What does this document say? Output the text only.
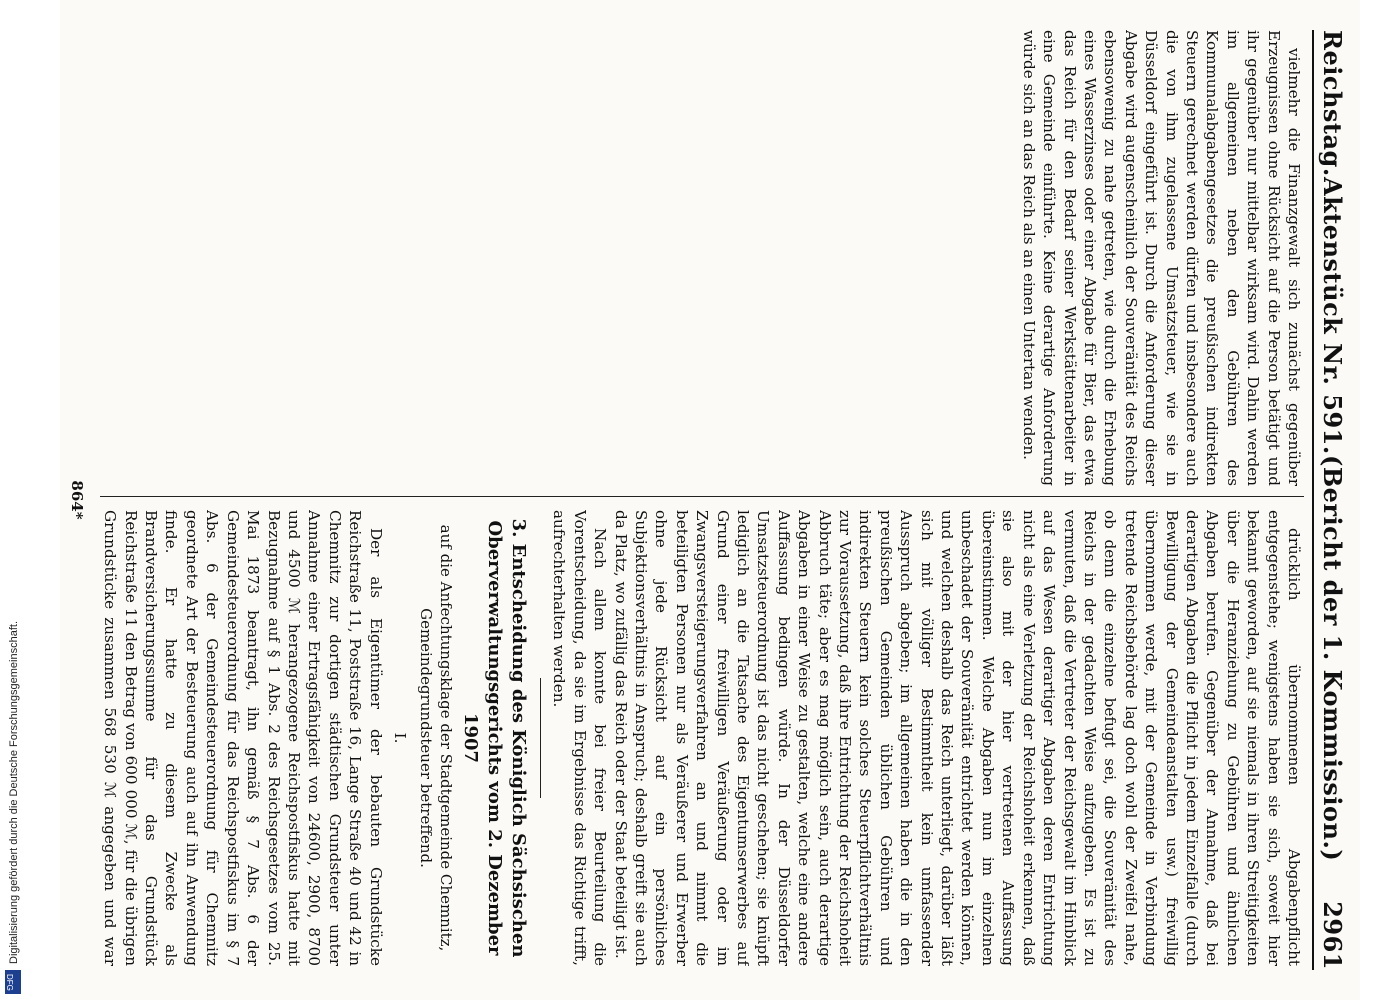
Digitalisierung gefördert durch die Deutsche Forschungsgemeinschaft.
DFG
Reichstag.
Aktenstück Nr. 591.
(Bericht der 1. Kommission.)
2961

vielmehr die Finanzgewalt sich zunächst gegenüber Erzeugnissen ohne Rücksicht auf die Person betätigt und ihr gegenüber nur mittelbar wirksam wird. Dahin werden im allgemeinen neben den Gebühren des Kommunalabgabengesetzes die preußischen indirekten Steuern gerechnet werden dürfen und insbesondere auch die von ihm zugelassene Umsatzsteuer, wie sie in Düsseldorf eingeführt ist. Durch die Anforderung dieser Abgabe wird augenscheinlich der Souveränität des Reichs ebensowenig zu nahe getreten, wie durch die Erhebung eines Wasserzinses oder einer Abgabe für Bier, das etwa das Reich für den Bedarf seiner Werkstättenarbeiter in eine Gemeinde einführte. Keine derartige Anforderung würde sich an das Reich als an einen Untertan wenden.

drücklich übernommenen Abgabenpflicht entgegenstehe; wenigstens haben sie sich, soweit hier bekannt geworden, auf sie niemals in ihren Streitigkeiten über die Heranziehung zu Gebühren und ähnlichen Abgaben berufen. Gegenüber der Annahme, daß bei derartigen Abgaben die Pflicht in jedem Einzelfalle (durch Bewilligung der Gemeindeanstalten usw.) freiwillig übernommen werde, mit der Gemeinde in Verbindung tretende Reichsbehörde lag doch wohl der Zweifel nahe, ob denn die einzelne befugt sei, die Souveränität des Reichs in der gedachten Weise aufzugeben. Es ist zu vermuten, daß die Vertreter der Reichsgewalt im Hinblick auf das Wesen derartiger Abgaben deren Entrichtung nicht als eine Verletzung der Reichshoheit erkennen, daß sie also mit der hier vertretenen Auffassung übereinstimmen. Welche Abgaben nun im einzelnen unbeschadet der Souveränität entrichtet werden können, und welchen deshalb das Reich unterliegt, darüber läßt sich mit völliger Bestimmtheit kein umfassender Ausspruch abgeben; im allgemeinen haben die in den preußischen Gemeinden üblichen Gebühren und indirekten Steuern kein solches Steuerpflichtverhältnis zur Voraussetzung, daß ihre Entrichtung der Reichshoheit Abbruch täte; aber es mag möglich sein, auch derartige Abgaben in einer Weise zu gestalten, welche eine andere Auffassung bedingen würde. In der Düsseldorfer Umsatzsteuerordnung ist das nicht geschehen; sie knüpft lediglich an die Tatsache des Eigentumserwerbes auf Grund einer freiwilligen Veräußerung oder im Zwangsversteigerungsverfahren an und nimmt die beteiligten Personen nur als Veräußerer und Erwerber ohne jede Rücksicht auf ein persönliches Subjektionsverhältnis in Anspruch; deshalb greift sie auch da Platz, wo zufällig das Reich oder der Staat beteiligt ist.

Nach allem konnte bei freier Beurteilung die Vorentscheidung, da sie im Ergebnisse das Richtige trifft, aufrechterhalten werden.

3. Entscheidung des Königlich Sächsischen Oberverwaltungsgerichts vom 2. Dezember 1907
auf die Anfechtungsklage der Stadtgemeinde Chemnitz, Gemeindegrundsteuer betreffend.
I.

Der als Eigentümer der bebauten Grundstücke Reichstraße 11, Poststraße 16, Lange Straße 40 und 42 in Chemnitz zur dortigen städtischen Grundsteuer unter Annahme einer Ertragsfähigkeit von 24600, 2900, 8700 und 4500 ℳ herangezogene Reichspostfiskus hatte mit Bezugnahme auf § 1 Abs. 2 des Reichsgesetzes vom 25. Mai 1873 beantragt, ihn gemäß § 7 Abs. 6 der Gemeindesteuerordnung für das Reichspostfiskus im § 7 Abs. 6 der Gemeindesteuerordnung für Chemnitz geordnete Art der Besteuerung auch auf ihn Anwendung finde. Er hatte zu diesem Zwecke als Brandversicherungssumme für das Grundstück Reichstraße 11 den Betrag von 600 000 ℳ, für die übrigen Grundstücke zusammen 568 530 ℳ angegeben und war

864*
